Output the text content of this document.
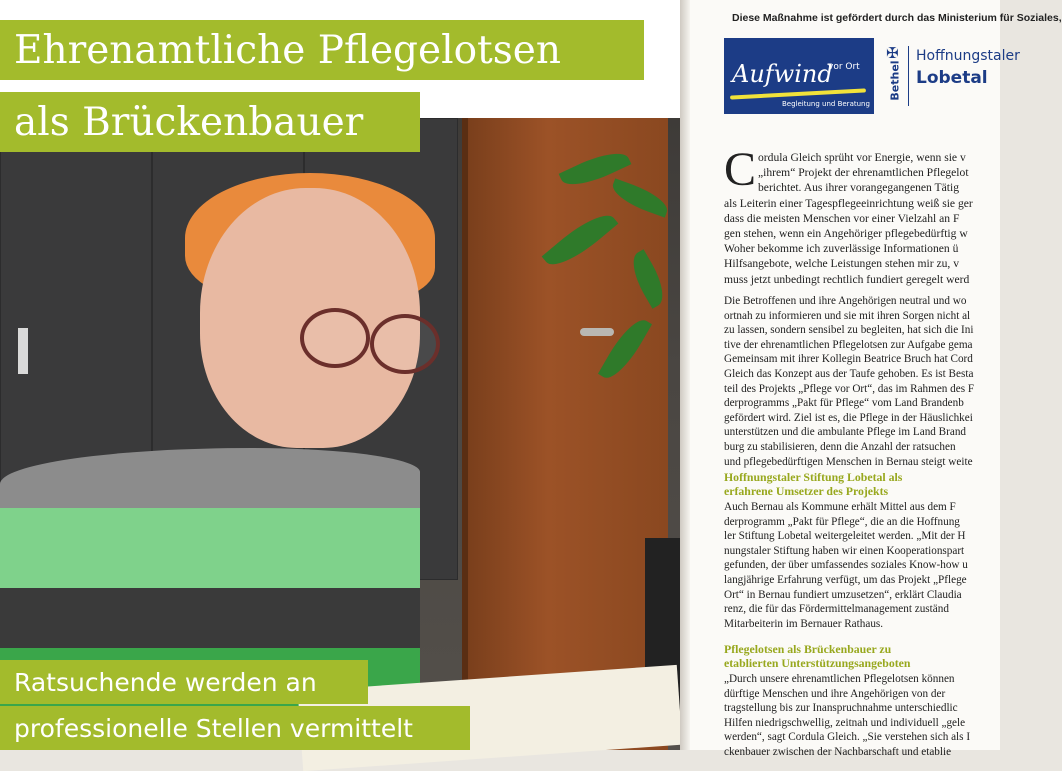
Ehrenamtliche Pflegelotsen
als Brückenbauer
Ratsuchende werden an
professionelle Stellen vermittelt
Diese Maßnahme ist gefördert durch das Ministerium für Soziales,
Aufwind
vor Ort
Begleitung und Beratung
✠
Bethel
Hoffnungstaler
Lobetal
C ordula Gleich sprüht vor Energie, wenn sie v
„ihrem“ Projekt der ehrenamtlichen Pflegelot
berichtet. Aus ihrer vorangegangenen Tätig
als Leiterin einer Tagespflegeeinrichtung weiß sie ger
dass die meisten Menschen vor einer Vielzahl an F
gen stehen, wenn ein Angehöriger pflegebedürftig w
Woher bekomme ich zuverlässige Informationen ü
Hilfsangebote, welche Leistungen stehen mir zu, v
muss jetzt unbedingt rechtlich fundiert geregelt werd
Die Betroffenen und ihre Angehörigen neutral und wo
ortnah zu informieren und sie mit ihren Sorgen nicht al
zu lassen, sondern sensibel zu begleiten, hat sich die Ini
tive der ehrenamtlichen Pflegelotsen zur Aufgabe gema
Gemeinsam mit ihrer Kollegin Beatrice Bruch hat Cord
Gleich das Konzept aus der Taufe gehoben. Es ist Besta
teil des Projekts „Pflege vor Ort“, das im Rahmen des F
derprogramms „Pakt für Pflege“ vom Land Brandenb
gefördert wird. Ziel ist es, die Pflege in der Häuslichkei
unterstützen und die ambulante Pflege im Land Brand
burg zu stabilisieren, denn die Anzahl der ratsuchen
und pflegebedürftigen Menschen in Bernau steigt weite
Hoffnungstaler Stiftung Lobetal als
erfahrene Umsetzer des Projekts
Auch Bernau als Kommune erhält Mittel aus dem F
derprogramm „Pakt für Pflege“, die an die Hoffnung
ler Stiftung Lobetal weitergeleitet werden. „Mit der H
nungstaler Stiftung haben wir einen Kooperationspart
gefunden, der über umfassendes soziales Know-how u
langjährige Erfahrung verfügt, um das Projekt „Pflege
Ort“ in Bernau fundiert umzusetzen“, erklärt Claudia
renz, die für das Fördermittelmanagement zuständ
Mitarbeiterin im Bernauer Rathaus.
Pflegelotsen als Brückenbauer zu
etablierten Unterstützungsangeboten
„Durch unsere ehrenamtlichen Pflegelotsen können
dürftige Menschen und ihre Angehörigen von der
tragstellung bis zur Inanspruchnahme unterschiedlic
Hilfen niedrigschwellig, zeitnah und individuell „gele
werden“, sagt Cordula Gleich. „Sie verstehen sich als I
ckenbauer zwischen der Nachbarschaft und etablie
